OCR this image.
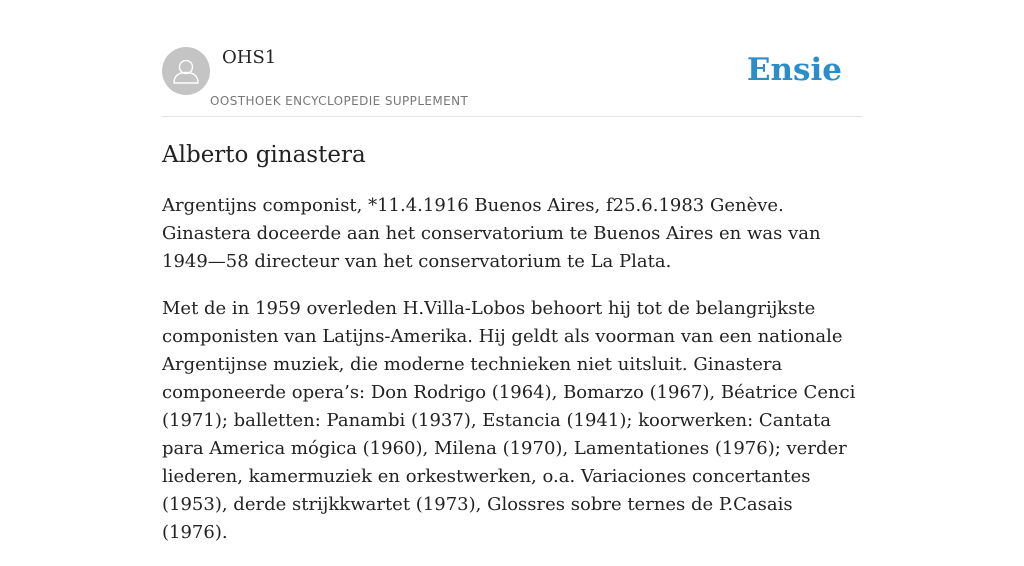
OHS1
OOSTHOEK ENCYCLOPEDIE SUPPLEMENT
Ensie
Alberto ginastera

Argentijns componist, *11.4.1916 Buenos Aires, f25.6.1983 Genève. Ginastera doceerde aan het conservatorium te Buenos Aires en was van 1949—58 directeur van het conservatorium te La Plata.

Met de in 1959 overleden H.Villa-Lobos behoort hij tot de belangrijkste componisten van Latijns-Amerika. Hij geldt als voorman van een nationale Argentijnse muziek, die moderne technieken niet uitsluit. Ginastera componeerde opera’s: Don Rodrigo (1964), Bomarzo (1967), Béatrice Cenci (1971); balletten: Panambi (1937), Estancia (1941); koorwerken: Cantata para America mógica (1960), Milena (1970), Lamentationes (1976); verder liederen, kamermuziek en orkestwerken, o.a. Variaciones concertantes (1953), derde strijkkwartet (1973), Glossres sobre ternes de P.Casais (1976).
